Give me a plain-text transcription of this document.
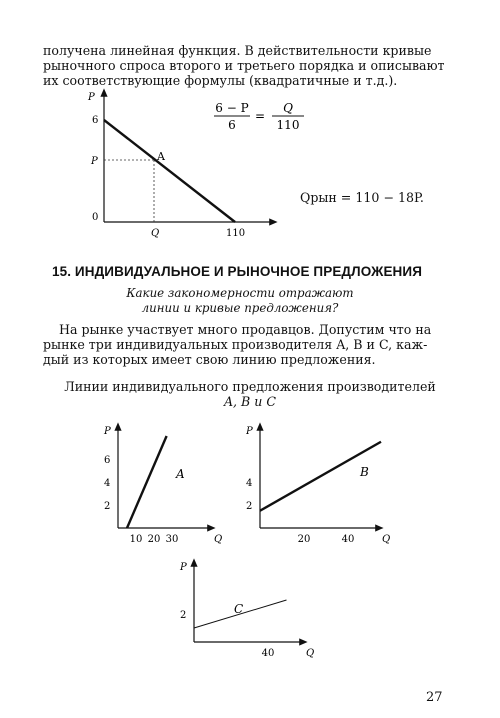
получена линейная функция. В действительности кривые
рыночного спроса второго и третьего порядка и описывают
их соответствующие формулы (квадратичные и т.д.).
P
6
P
0
Q	110
A
6 − P
6
=
Q
110
Qрын = 110 − 18P.
15. ИНДИВИДУАЛЬНОЕ И РЫНОЧНОЕ ПРЕДЛОЖЕНИЯ
Какие закономерности отражают
линии и кривые предложения?
На рынке участвует много продавцов. Допустим что на
рынке три индивидуальных производителя A, B и C, каж-
дый из которых имеет свою линию предложения.
Линии индивидуального предложения производителей
A, B и C
A
P
Q
2
4
6
10 20 30
B
P
Q
2
4
20	40
C
P
Q
2
40
27
